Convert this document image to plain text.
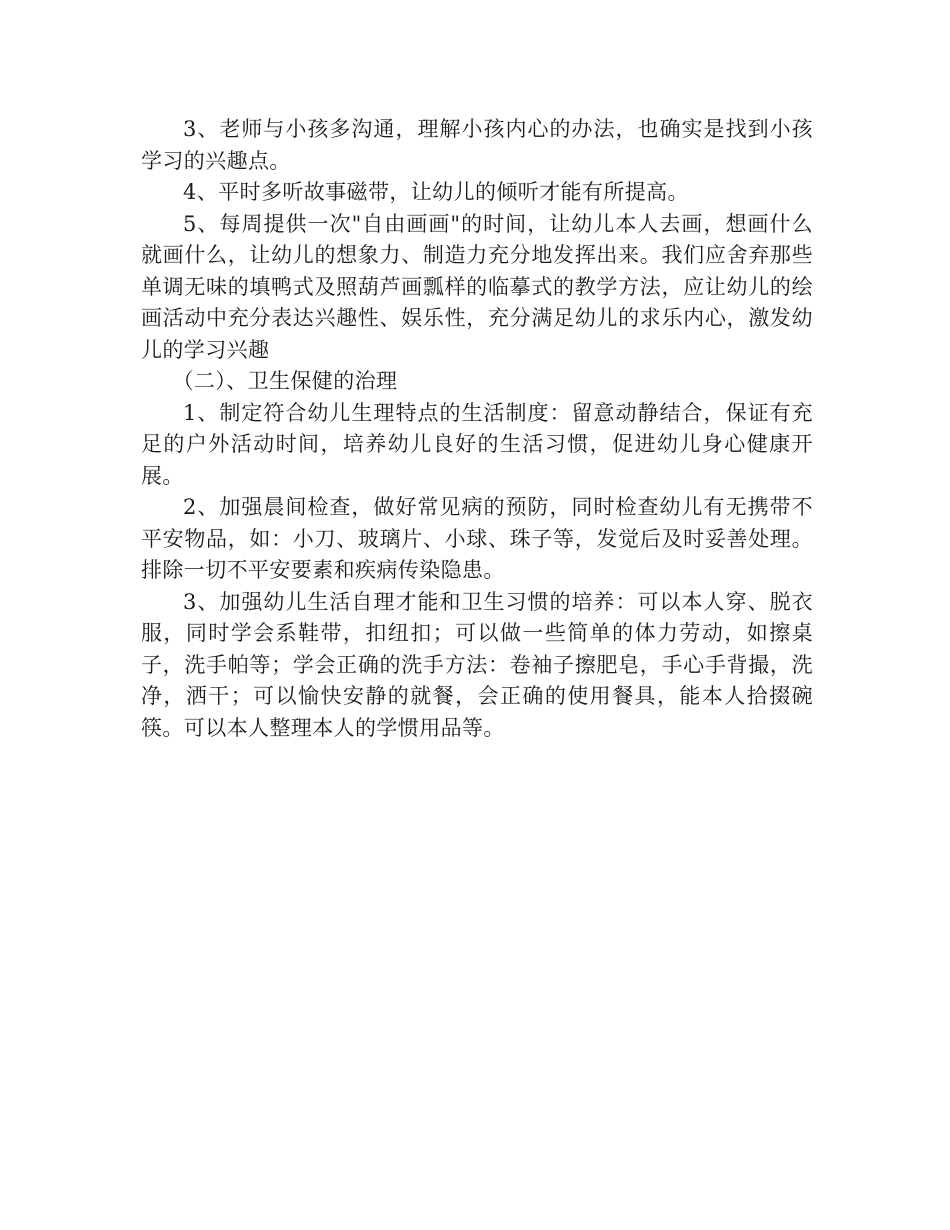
3、老师与小孩多沟通，理解小孩内心的办法，也确实是找到小孩学习的兴趣点。

4、平时多听故事磁带，让幼儿的倾听才能有所提高。

5、每周提供一次"自由画画"的时间，让幼儿本人去画，想画什么就画什么，让幼儿的想象力、制造力充分地发挥出来。我们应舍弃那些单调无味的填鸭式及照葫芦画瓢样的临摹式的教学方法，应让幼儿的绘画活动中充分表达兴趣性、娱乐性，充分满足幼儿的求乐内心，激发幼儿的学习兴趣

（二）、卫生保健的治理

1、制定符合幼儿生理特点的生活制度：留意动静结合，保证有充足的户外活动时间，培养幼儿良好的生活习惯，促进幼儿身心健康开展。

2、加强晨间检查，做好常见病的预防，同时检查幼儿有无携带不平安物品，如：小刀、玻璃片、小球、珠子等，发觉后及时妥善处理。排除一切不平安要素和疾病传染隐患。

3、加强幼儿生活自理才能和卫生习惯的培养：可以本人穿、脱衣服，同时学会系鞋带，扣纽扣；可以做一些简单的体力劳动，如擦桌子，洗手帕等；学会正确的洗手方法：卷袖子擦肥皂，手心手背撮，洗净，洒干；可以愉快安静的就餐，会正确的使用餐具，能本人拾掇碗筷。可以本人整理本人的学惯用品等。
